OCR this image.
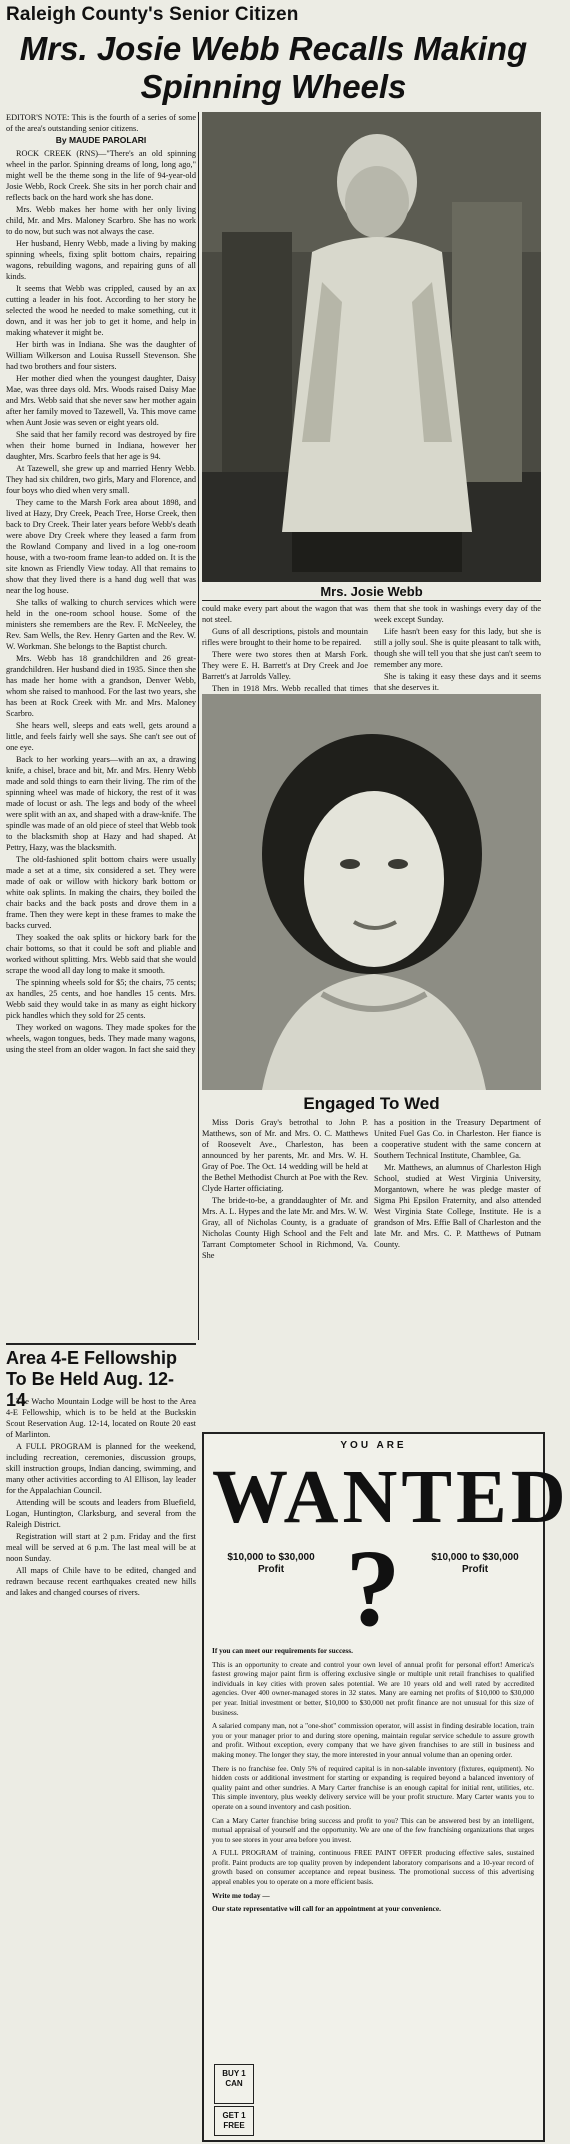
Raleigh County's Senior Citizen
Mrs. Josie Webb Recalls Making Spinning Wheels

EDITOR'S NOTE: This is the fourth of a series of some of the area's outstanding senior citizens.

By MAUDE PAROLARI

ROCK CREEK (RNS)—"There's an old spinning wheel in the parlor. Spinning dreams of long, long ago," might well be the theme song in the life of 94-year-old Josie Webb, Rock Creek. She sits in her porch chair and reflects back on the hard work she has done.

Mrs. Webb makes her home with her only living child, Mr. and Mrs. Maloney Scarbro. She has no work to do now, but such was not always the case.

Her husband, Henry Webb, made a living by making spinning wheels, fixing split bottom chairs, repairing wagons, rebuilding wagons, and repairing guns of all kinds.

It seems that Webb was crippled, caused by an ax cutting a leader in his foot. According to her story he selected the wood he needed to make something, cut it down, and it was her job to get it home, and help in making whatever it might be.

Her birth was in Indiana. She was the daughter of William Wilkerson and Louisa Russell Stevenson. She had two brothers and four sisters.

Her mother died when the youngest daughter, Daisy Mae, was three days old. Mrs. Woods raised Daisy Mae and Mrs. Webb said that she never saw her mother again after her family moved to Tazewell, Va. This move came when Aunt Josie was seven or eight years old.

She said that her family record was destroyed by fire when their home burned in Indiana, however her daughter, Mrs. Scarbro feels that her age is 94.

At Tazewell, she grew up and married Henry Webb. They had six children, two girls, Mary and Florence, and four boys who died when very small.

They came to the Marsh Fork area about 1898, and lived at Hazy, Dry Creek, Peach Tree, Horse Creek, then back to Dry Creek. Their later years before Webb's death were above Dry Creek where they leased a farm from the Rowland Company and lived in a log one-room house, with a two-room frame lean-to added on. It is the site known as Friendly View today. All that remains to show that they lived there is a hand dug well that was near the log house.

She talks of walking to church services which were held in the one-room school house. Some of the ministers she remembers are the Rev. F. McNeeley, the Rev. Sam Wells, the Rev. Henry Garten and the Rev. W. W. Workman. She belongs to the Baptist church.

Mrs. Webb has 18 grandchildren and 26 great-grandchildren. Her husband died in 1935. Since then she has made her home with a grandson, Denver Webb, whom she raised to manhood. For the last two years, she has been at Rock Creek with Mr. and Mrs. Maloney Scarbro.

She hears well, sleeps and eats well, gets around a little, and feels fairly well she says. She can't see out of one eye.

Back to her working years—with an ax, a drawing knife, a chisel, brace and bit, Mr. and Mrs. Henry Webb made and sold things to earn their living. The rim of the spinning wheel was made of hickory, the rest of it was made of locust or ash. The legs and body of the wheel were split with an ax, and shaped with a draw-knife. The spindle was made of an old piece of steel that Webb took to the blacksmith shop at Hazy and had shaped. At Pettry, Hazy, was the blacksmith.

The old-fashioned split bottom chairs were usually made a set at a time, six considered a set. They were made of oak or willow with hickory bark bottom or white oak splints. In making the chairs, they boiled the chair backs and the back posts and drove them in a frame. Then they were kept in these frames to make the backs curved.

They soaked the oak splits or hickory bark for the chair bottoms, so that it could be soft and pliable and worked without splitting. Mrs. Webb said that she would scrape the wood all day long to make it smooth.

The spinning wheels sold for $5; the chairs, 75 cents; ax handles, 25 cents, and hoe handles 15 cents. Mrs. Webb said they would take in as many as eight hickory pick handles which they sold for 25 cents.

They worked on wagons. They made spokes for the wheels, wagon tongues, beds. They made many wagons, using the steel from an older wagon. In fact she said they

Mrs. Josie Webb

could make every part about the wagon that was not steel.

Guns of all descriptions, pistols and mountain rifles were brought to their home to be repaired.

There were two stores then at Marsh Fork. They were E. H. Barrett's at Dry Creek and Joe Barrett's at Jarrolds Valley.

Then in 1918 Mrs. Webb recalled that times

them that she took in washings every day of the week except Sunday.

Life hasn't been easy for this lady, but she is still a jolly soul. She is quite pleasant to talk with, though she will tell you that she just can't seem to remember any more.

She is taking it easy these days and it seems that she deserves it.

Engaged To Wed

Miss Doris Gray's betrothal to John P. Matthews, son of Mr. and Mrs. O. C. Matthews of Roosevelt Ave., Charleston, has been announced by her parents, Mr. and Mrs. W. H. Gray of Poe. The Oct. 14 wedding will be held at the Bethel Methodist Church at Poe with the Rev. Clyde Harter officiating.

The bride-to-be, a granddaughter of Mr. and Mrs. A. L. Hypes and the late Mr. and Mrs. W. W. Gray, all of Nicholas County, is a graduate of Nicholas County High School and the Felt and Tarrant Comptometer School in Richmond, Va. She

has a position in the Treasury Department of United Fuel Gas Co. in Charleston. Her fiance is a cooperative student with the same concern at Southern Technical Institute, Chamblee, Ga.

Mr. Matthews, an alumnus of Charleston High School, studied at West Virginia University, Morgantown, where he was pledge master of Sigma Phi Epsilon Fraternity, and also attended West Virginia State College, Institute. He is a grandson of Mrs. Effie Ball of Charleston and the late Mr. and Mrs. C. P. Matthews of Putnam County.

Area 4-E Fellowship To Be Held Aug. 12-14

The Wacho Mountain Lodge will be host to the Area 4-E Fellowship, which is to be held at the Buckskin Scout Reservation Aug. 12-14, located on Route 20 east of Marlinton.

A FULL PROGRAM is planned for the weekend, including recreation, ceremonies, discussion groups, skill instruction groups, Indian dancing, swimming, and many other activities according to Al Ellison, lay leader for the Appalachian Council.

Attending will be scouts and leaders from Bluefield, Logan, Huntington, Clarksburg, and several from the Raleigh District.

Registration will start at 2 p.m. Friday and the first meal will be served at 6 p.m. The last meal will be at noon Sunday.

All maps of Chile have to be edited, changed and redrawn because recent earthquakes created new hills and lakes and changed courses of rivers.

YOU ARE
WANTED
?
$10,000 to $30,000 Profit
$10,000 to $30,000 Profit

If you can meet our requirements for success.

This is an opportunity to create and control your own level of annual profit for personal effort! America's fastest growing major paint firm is offering exclusive single or multiple unit retail franchises to qualified individuals in key cities with proven sales potential. We are 10 years old and well rated by accredited agencies. Over 400 owner-managed stores in 32 states. Many are earning net profits of $10,000 to $30,000 per year. Initial investment or better, $10,000 to $30,000 net profit finance are not unusual for this size of business.

A salaried company man, not a "one-shot" commission operator, will assist in finding desirable location, train you or your manager prior to and during store opening, maintain regular service schedule to assure growth and profit. Without exception, every company that we have given franchises to are still in business and making money. The longer they stay, the more interested in your annual volume than an opening order.

There is no franchise fee. Only 5% of required capital is in non-salable inventory (fixtures, equipment). No hidden costs or additional investment for starting or expanding is required beyond a balanced inventory of quality paint and other sundries. A Mary Carter franchise is an enough capital for initial rent, utilities, etc. This simple inventory, plus weekly delivery service will be your profit structure. Mary Carter wants you to operate on a sound inventory and cash position.

Can a Mary Carter franchise bring success and profit to you? This can be answered best by an intelligent, mutual appraisal of yourself and the opportunity. We are one of the few franchising organizations that urges you to see stores in your area before you invest.

A FULL PROGRAM of training, continuous FREE PAINT OFFER producing effective sales, sustained profit. Paint products are top quality proven by independent laboratory comparisons and a 10-year record of growth based on consumer acceptance and repeat business. The promotional success of this advertising appeal enables you to operate on a more efficient basis.

Write me today —

Our state representative will call for an appointment at your convenience.

BUY 1 CAN
GET 1 FREE
